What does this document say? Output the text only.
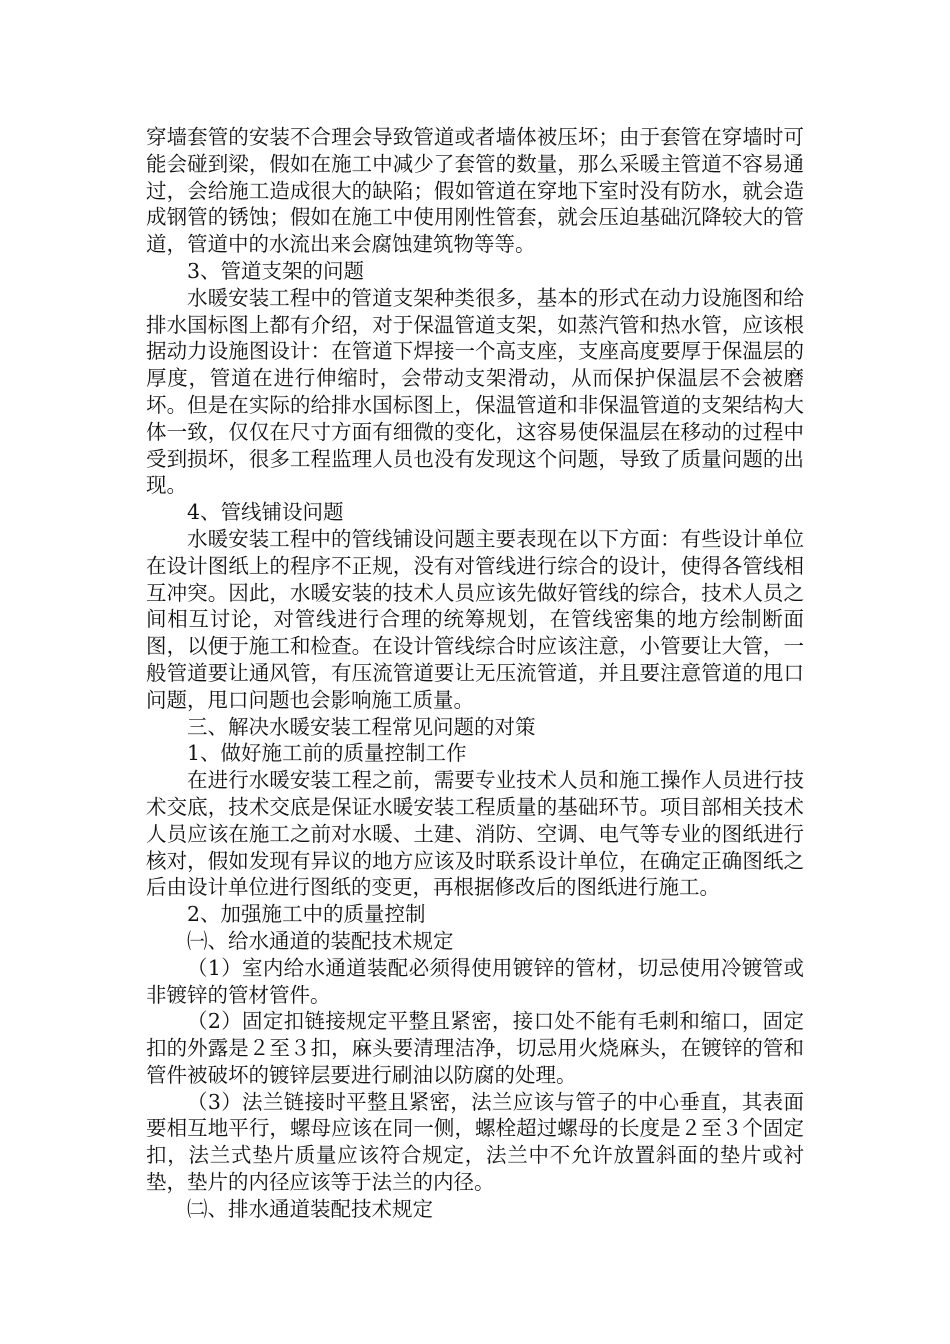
穿墙套管的安装不合理会导致管道或者墙体被压坏；由于套管在穿墙时可能会碰到梁，假如在施工中减少了套管的数量，那么采暖主管道不容易通过，会给施工造成很大的缺陷；假如管道在穿地下室时没有防水，就会造成钢管的锈蚀；假如在施工中使用刚性管套，就会压迫基础沉降较大的管道，管道中的水流出来会腐蚀建筑物等等。

3、管道支架的问题

水暖安装工程中的管道支架种类很多，基本的形式在动力设施图和给排水国标图上都有介绍，对于保温管道支架，如蒸汽管和热水管，应该根据动力设施图设计：在管道下焊接一个高支座，支座高度要厚于保温层的厚度，管道在进行伸缩时，会带动支架滑动，从而保护保温层不会被磨坏。但是在实际的给排水国标图上，保温管道和非保温管道的支架结构大体一致，仅仅在尺寸方面有细微的变化，这容易使保温层在移动的过程中受到损坏，很多工程监理人员也没有发现这个问题，导致了质量问题的出现。

4、管线铺设问题

水暖安装工程中的管线铺设问题主要表现在以下方面：有些设计单位在设计图纸上的程序不正规，没有对管线进行综合的设计，使得各管线相互冲突。因此，水暖安装的技术人员应该先做好管线的综合，技术人员之间相互讨论，对管线进行合理的统筹规划，在管线密集的地方绘制断面图，以便于施工和检查。在设计管线综合时应该注意，小管要让大管，一般管道要让通风管，有压流管道要让无压流管道，并且要注意管道的甩口问题，甩口问题也会影响施工质量。

三、解决水暖安装工程常见问题的对策

1、做好施工前的质量控制工作

在进行水暖安装工程之前，需要专业技术人员和施工操作人员进行技术交底，技术交底是保证水暖安装工程质量的基础环节。项目部相关技术人员应该在施工之前对水暖、土建、消防、空调、电气等专业的图纸进行核对，假如发现有异议的地方应该及时联系设计单位，在确定正确图纸之后由设计单位进行图纸的变更，再根据修改后的图纸进行施工。

2、加强施工中的质量控制

㈠、给水通道的装配技术规定

（1）室内给水通道装配必须得使用镀锌的管材，切忌使用冷镀管或非镀锌的管材管件。

（2）固定扣链接规定平整且紧密，接口处不能有毛刺和缩口，固定扣的外露是２至３扣，麻头要清理洁净，切忌用火烧麻头，在镀锌的管和管件被破坏的镀锌层要进行刷油以防腐的处理。

（3）法兰链接时平整且紧密，法兰应该与管子的中心垂直，其表面要相互地平行，螺母应该在同一侧，螺栓超过螺母的长度是２至３个固定扣，法兰式垫片质量应该符合规定，法兰中不允许放置斜面的垫片或衬垫，垫片的内径应该等于法兰的内径。

㈡、排水通道装配技术规定
